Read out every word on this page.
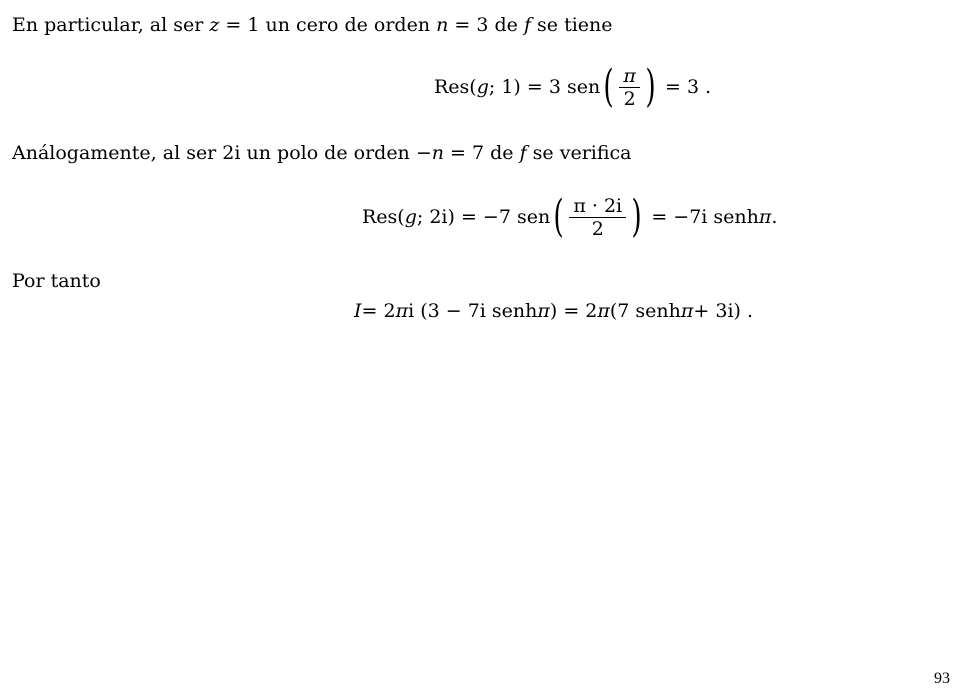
En particular, al ser z = 1 un cero de orden n = 3 de f se tiene
Res( g ; 1) = 3 sen ( $\frac{\pi}{2}$ ) = 3 .
Análogamente, al ser 2i un polo de orden −n = 7 de f se verifica
Res( g ; 2i) = −7 sen ( $\frac{\pi \cdot 2i}{2}$ ) = −7i senh π .
Por tanto
I = 2 π i (3 − 7i senh π ) = 2 π (7 senh π + 3i) .
93
